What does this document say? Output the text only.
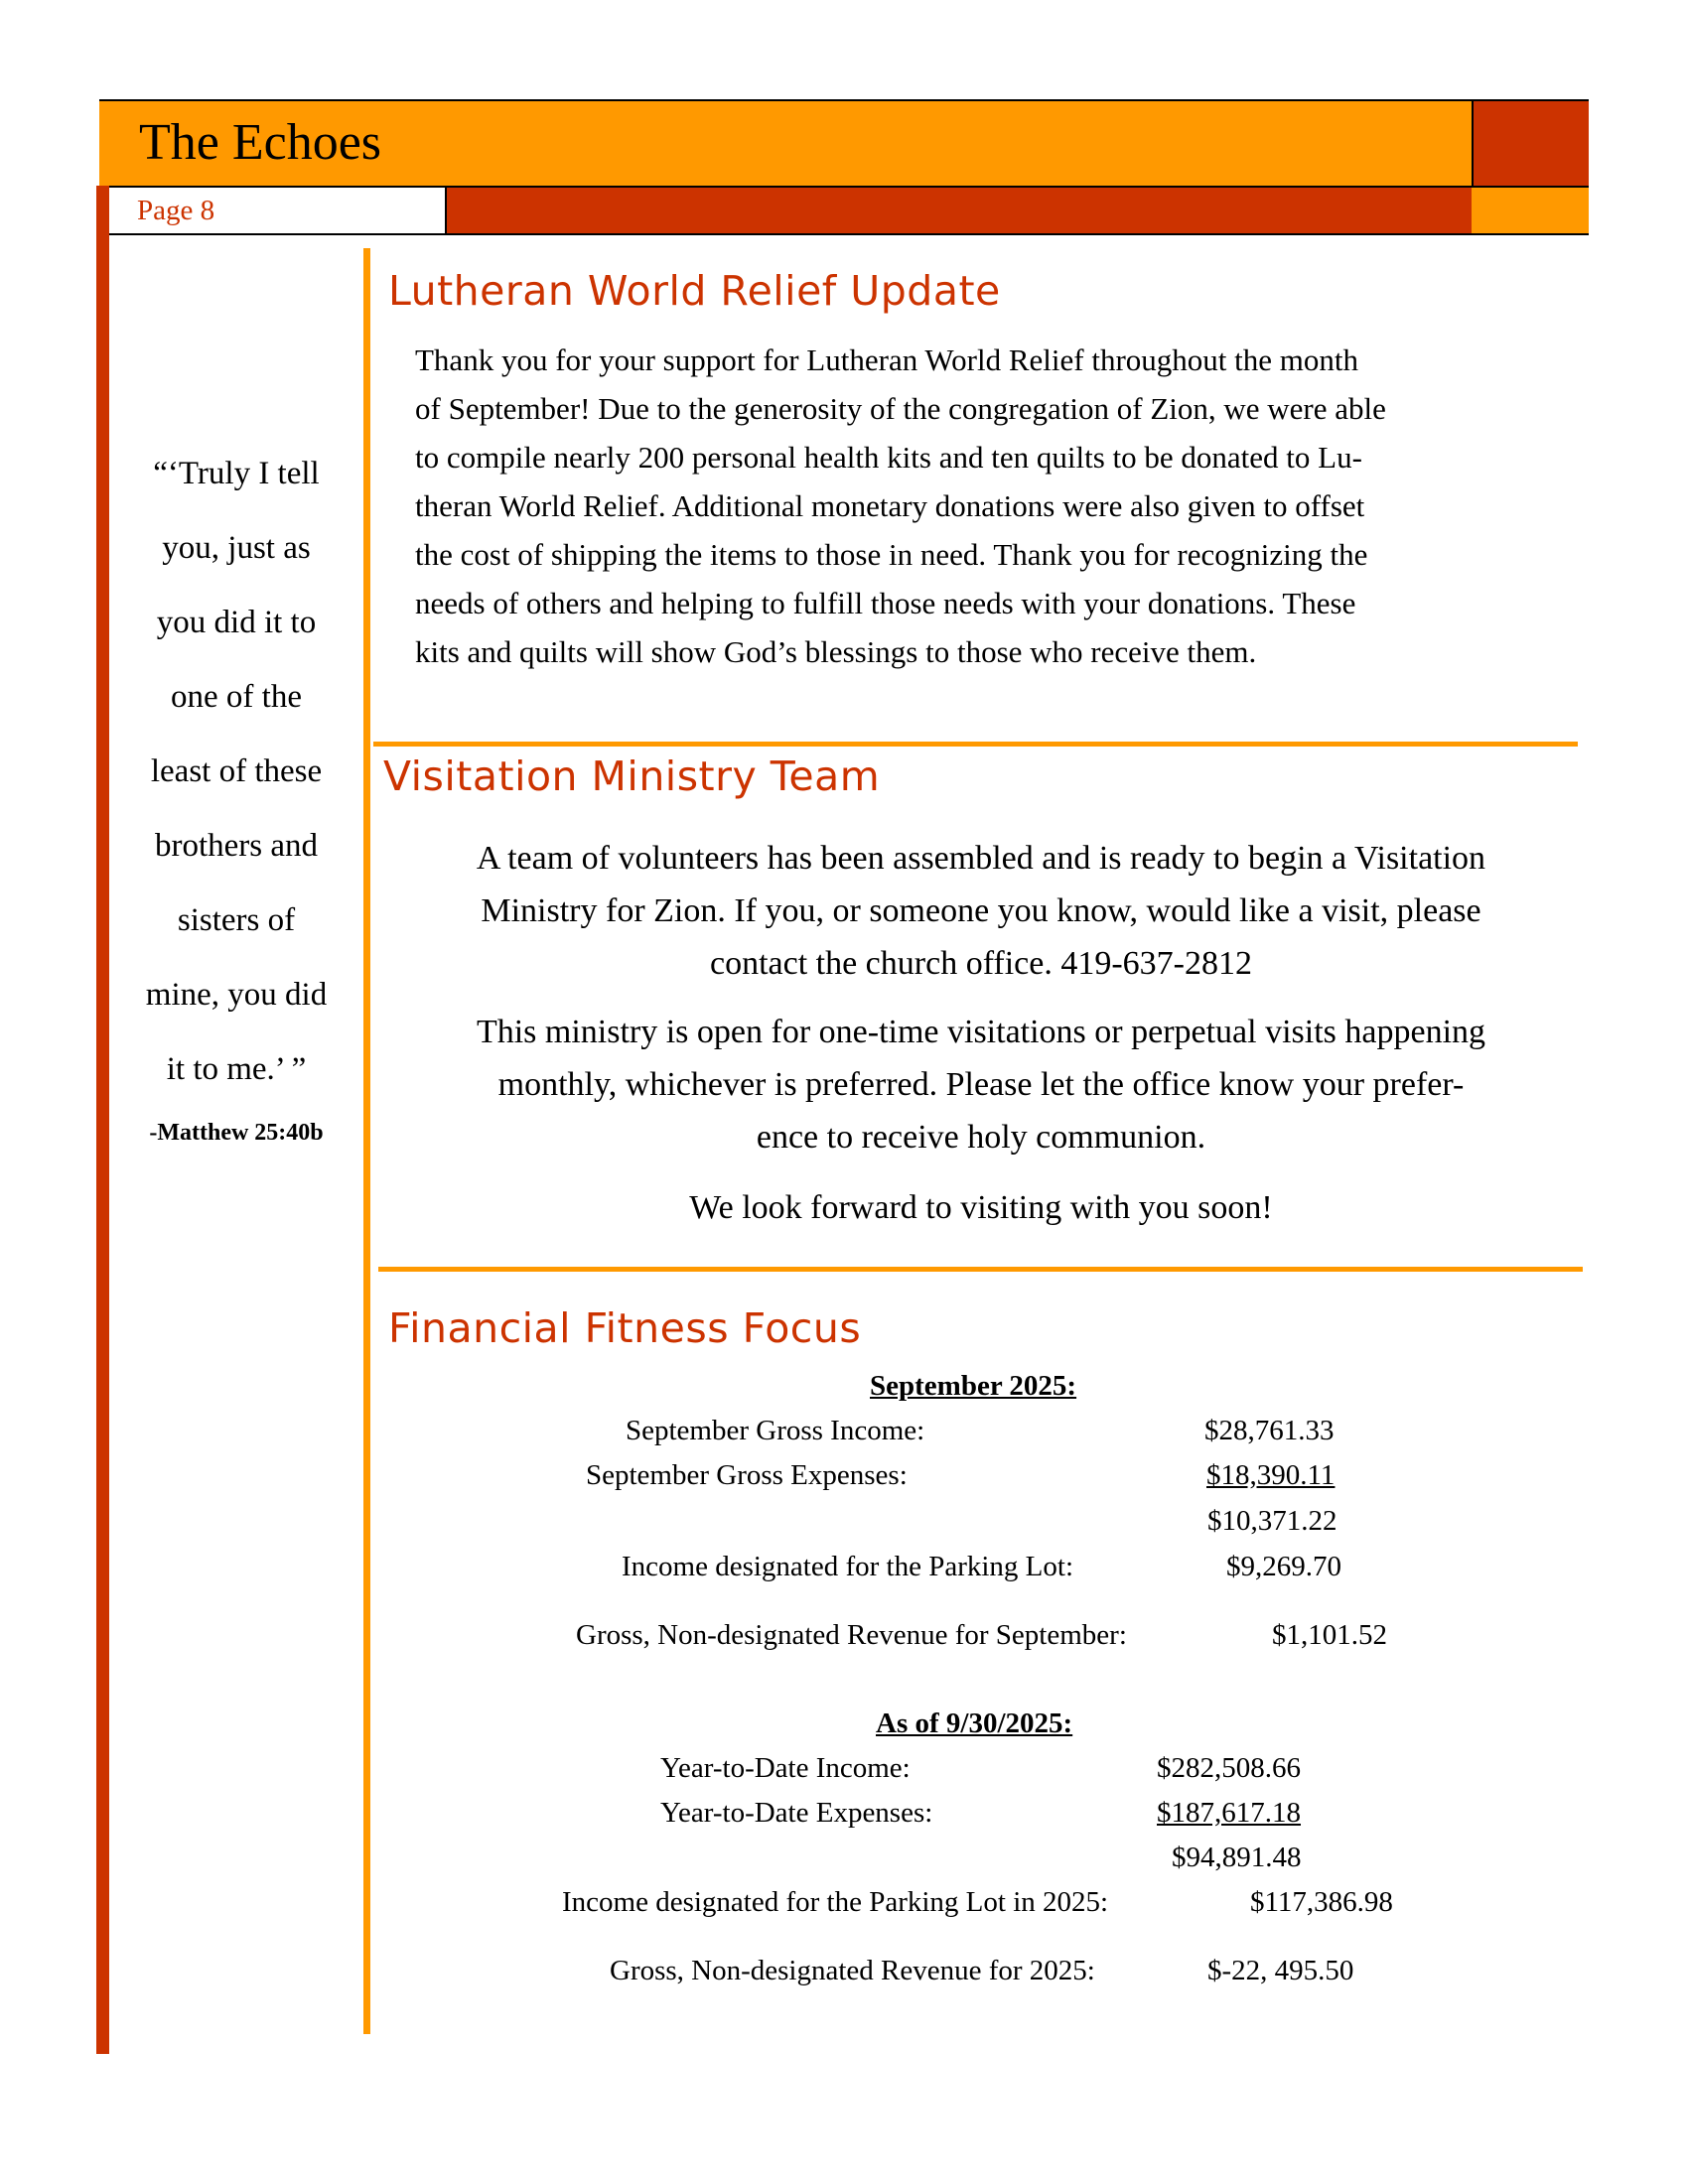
The Echoes
Page 8
“‘Truly I tell
you, just as
you did it to
one of the
least of these
brothers and
sisters of
mine, you did
it to me.’ ”
-Matthew 25:40b
Lutheran World Relief Update
Thank you for your support for Lutheran World Relief throughout the month
of September! Due to the generosity of the congregation of Zion, we were able
to compile nearly 200 personal health kits and ten quilts to be donated to Lu-
theran World Relief. Additional monetary donations were also given to offset
the cost of shipping the items to those in need. Thank you for recognizing the
needs of others and helping to fulfill those needs with your donations. These
kits and quilts will show God’s blessings to those who receive them.
Visitation Ministry Team
A team of volunteers has been assembled and is ready to begin a Visitation
Ministry for Zion. If you, or someone you know, would like a visit, please
contact the church office. 419-637-2812
This ministry is open for one-time visitations or perpetual visits happening
monthly, whichever is preferred. Please let the office know your prefer-
ence to receive holy communion.
We look forward to visiting with you soon!
Financial Fitness Focus
September 2025:
September Gross Income:	$28,761.33
September Gross Expenses:	$18,390.11
$10,371.22
Income designated for the Parking Lot:	$9,269.70
Gross, Non-designated Revenue for September:	$1,101.52
As of 9/30/2025:
Year-to-Date Income:	$282,508.66
Year-to-Date Expenses:	$187,617.18
$94,891.48
Income designated for the Parking Lot in 2025:	$117,386.98
Gross, Non-designated Revenue for 2025:	$-22, 495.50
